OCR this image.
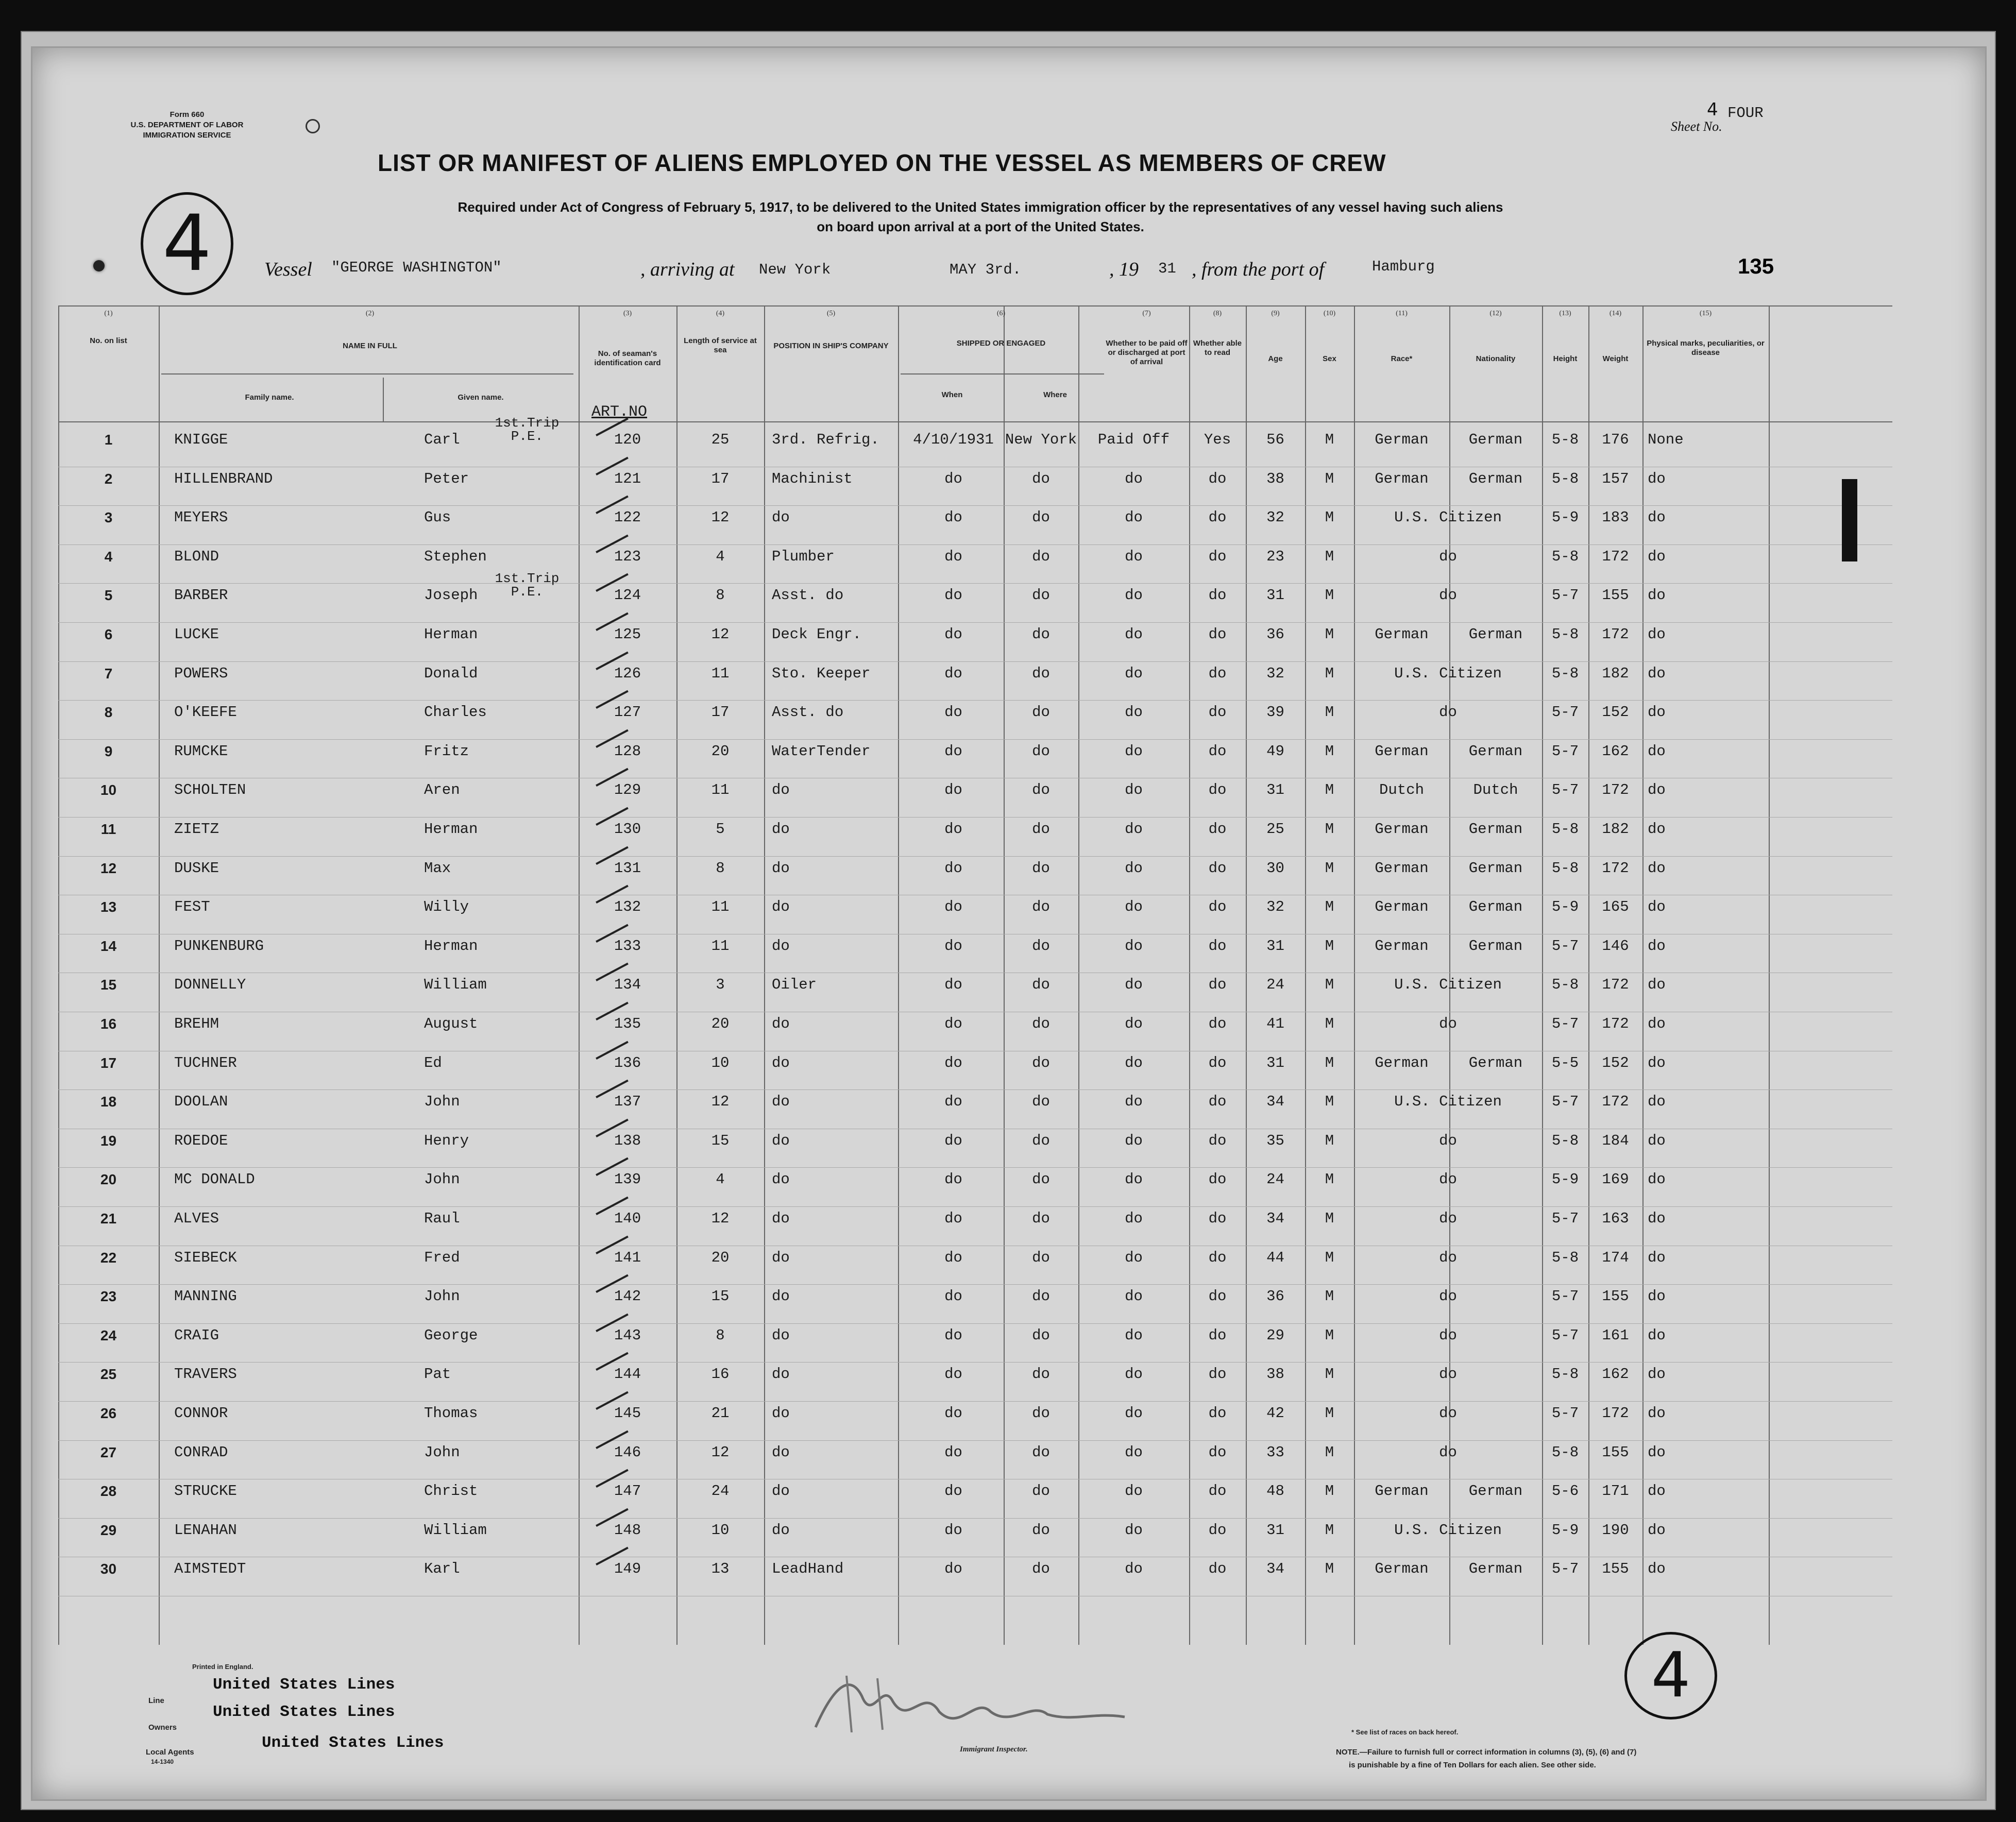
Form 660
U.S. DEPARTMENT OF LABOR
IMMIGRATION SERVICE
FOUR
Sheet No.
4
LIST OR MANIFEST OF ALIENS EMPLOYED ON THE VESSEL AS MEMBERS OF CREW
Required under Act of Congress of February 5, 1917, to be delivered to the United States immigration officer by the representatives of any vessel having such aliens
on board upon arrival at a port of the United States.
4	Vessel "GEORGE WASHINGTON"	, arriving at New York	MAY 3rd.	, 19 31 , from the port of	Hamburg	135
No. on list
NAME IN FULL
No. of seaman's identification card
Length of service at sea	POSITION IN SHIP'S COMPANY	SHIPPED OR ENGAGED	Whether to be paid off or discharged at port of arrival
Whether able to read
Age	Sex	Race*	Nationality	Height	Weight
Physical marks, peculiarities, or disease
Family name.	Given name.	When	Where
ART.NO
(1)	(2)	(3)	(4)	(5)	(6)	(7)	(8)	(9)	(10)	(11)	(12)	(13)	(14)	(15)
1	KNIGGE	Carl	120	25	3rd. Refrig.	4/10/1931 New York	Paid Off	Yes	56	M	German	German	5-8	176	None
1st.Trip P.E.
2	HILLENBRAND	Peter	121	17	Machinist	do	do	do	do	38	M	German	German	5-8	157	do
3	MEYERS	Gus	122	12	do	do	do	do	do	32	M	U.S. Citizen	5-9	183	do
4	BLOND	Stephen	123	4	Plumber	do	do	do	do	23	M	do	5-8	172	do
5	BARBER	Joseph	124	8	Asst. do	do	do	do	do	31	M	do	5-7	155	do
1st.Trip P.E.
6	LUCKE	Herman	125	12	Deck Engr.	do	do	do	do	36	M	German	German	5-8	172	do
7	POWERS	Donald	126	11	Sto. Keeper	do	do	do	do	32	M	U.S. Citizen	5-8	182	do
8	O'KEEFE	Charles	127	17	Asst. do	do	do	do	do	39	M	do	5-7	152	do
9	RUMCKE	Fritz	128	20	WaterTender	do	do	do	do	49	M	German	German	5-7	162	do
10	SCHOLTEN	Aren	129	11	do	do	do	do	do	31	M	Dutch	Dutch	5-7	172	do
11	ZIETZ	Herman	130	5	do	do	do	do	do	25	M	German	German	5-8	182	do
12	DUSKE	Max	131	8	do	do	do	do	do	30	M	German	German	5-8	172	do
13	FEST	Willy	132	11	do	do	do	do	do	32	M	German	German	5-9	165	do
14	PUNKENBURG	Herman	133	11	do	do	do	do	do	31	M	German	German	5-7	146	do
15	DONNELLY	William	134	3	Oiler	do	do	do	do	24	M	U.S. Citizen	5-8	172	do
16	BREHM	August	135	20	do	do	do	do	do	41	M	do	5-7	172	do
17	TUCHNER	Ed	136	10	do	do	do	do	do	31	M	German	German	5-5	152	do
18	DOOLAN	John	137	12	do	do	do	do	do	34	M	U.S. Citizen	5-7	172	do
19	ROEDOE	Henry	138	15	do	do	do	do	do	35	M	do	5-8	184	do
20	MC DONALD	John	139	4	do	do	do	do	do	24	M	do	5-9	169	do
21	ALVES	Raul	140	12	do	do	do	do	do	34	M	do	5-7	163	do
22	SIEBECK	Fred	141	20	do	do	do	do	do	44	M	do	5-8	174	do
23	MANNING	John	142	15	do	do	do	do	do	36	M	do	5-7	155	do
24	CRAIG	George	143	8	do	do	do	do	do	29	M	do	5-7	161	do
25	TRAVERS	Pat	144	16	do	do	do	do	do	38	M	do	5-8	162	do
26	CONNOR	Thomas	145	21	do	do	do	do	do	42	M	do	5-7	172	do
27	CONRAD	John	146	12	do	do	do	do	do	33	M	do	5-8	155	do
28	STRUCKE	Christ	147	24	do	do	do	do	do	48	M	German	German	5-6	171	do
29	LENAHAN	William	148	10	do	do	do	do	do	31	M	U.S. Citizen	5-9	190	do
30	AIMSTEDT	Karl	149	13	LeadHand	do	do	do	do	34	M	German	German	5-7	155	do
Printed in England.
Line
United States Lines
Owners
United States Lines
Local Agents
14-1340
United States Lines	Immigrant Inspector.
4
* See list of races on back hereof.
NOTE.—Failure to furnish full or correct information in columns (3), (5), (6) and (7)
is punishable by a fine of Ten Dollars for each alien. See other side.
